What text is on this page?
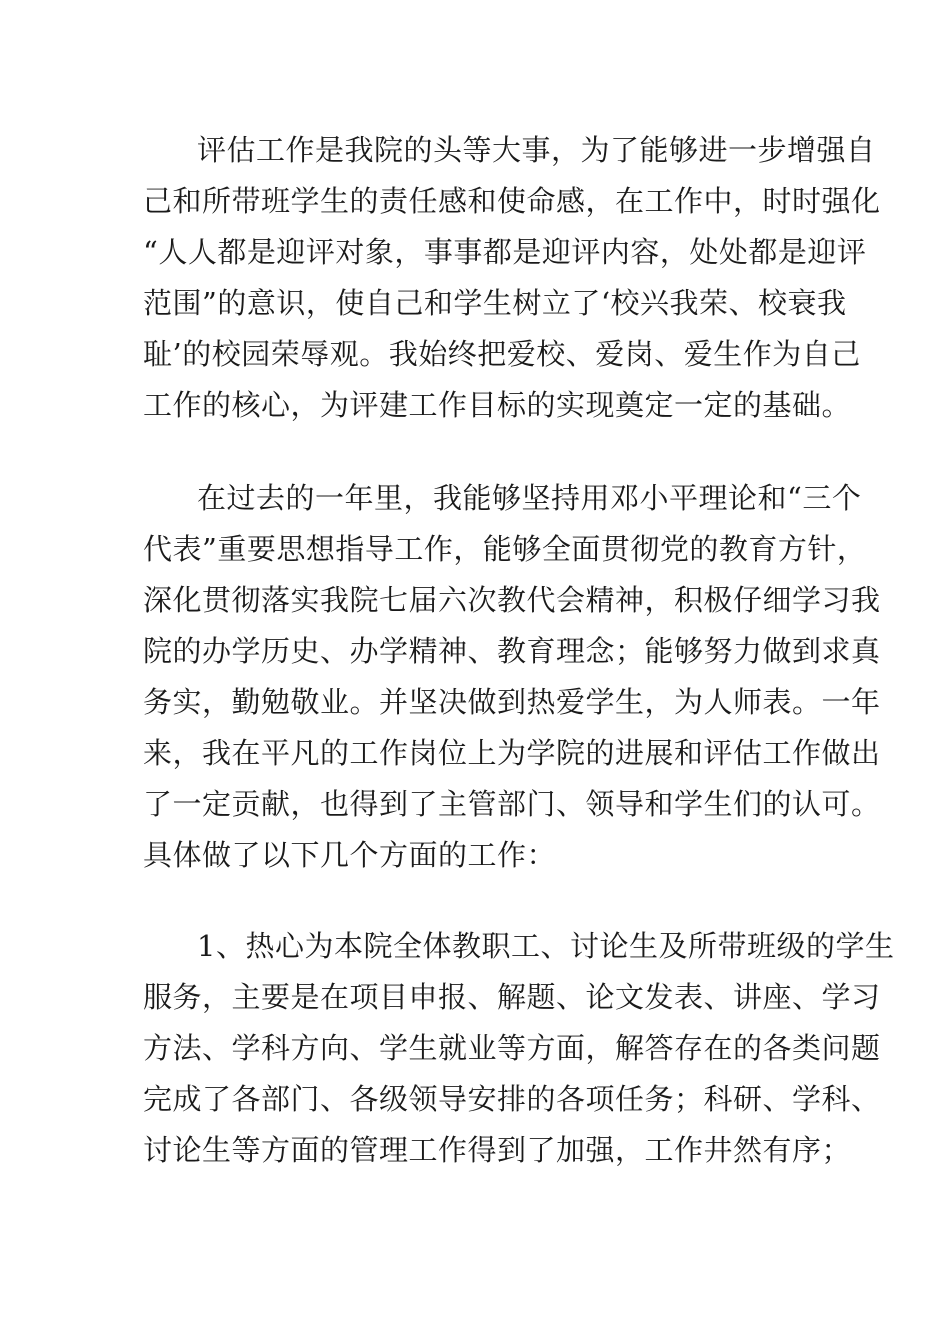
评估工作是我院的头等大事，为了能够进一步增强自
己和所带班学生的责任感和使命感，在工作中，时时强化
“人人都是迎评对象，事事都是迎评内容，处处都是迎评
范围”的意识，使自己和学生树立了‘校兴我荣、校衰我
耻’的校园荣辱观。我始终把爱校、爱岗、爱生作为自己
工作的核心，为评建工作目标的实现奠定一定的基础。
在过去的一年里，我能够坚持用邓小平理论和“三个
代表”重要思想指导工作，能够全面贯彻党的教育方针，
深化贯彻落实我院七届六次教代会精神，积极仔细学习我
院的办学历史、办学精神、教育理念；能够努力做到求真
务实，勤勉敬业。并坚决做到热爱学生，为人师表。一年
来，我在平凡的工作岗位上为学院的进展和评估工作做出
了一定贡献，也得到了主管部门、领导和学生们的认可。
具体做了以下几个方面的工作：
1、热心为本院全体教职工、讨论生及所带班级的学生
服务，主要是在项目申报、解题、论文发表、讲座、学习
方法、学科方向、学生就业等方面，解答存在的各类问题
完成了各部门、各级领导安排的各项任务；科研、学科、
讨论生等方面的管理工作得到了加强，工作井然有序；
